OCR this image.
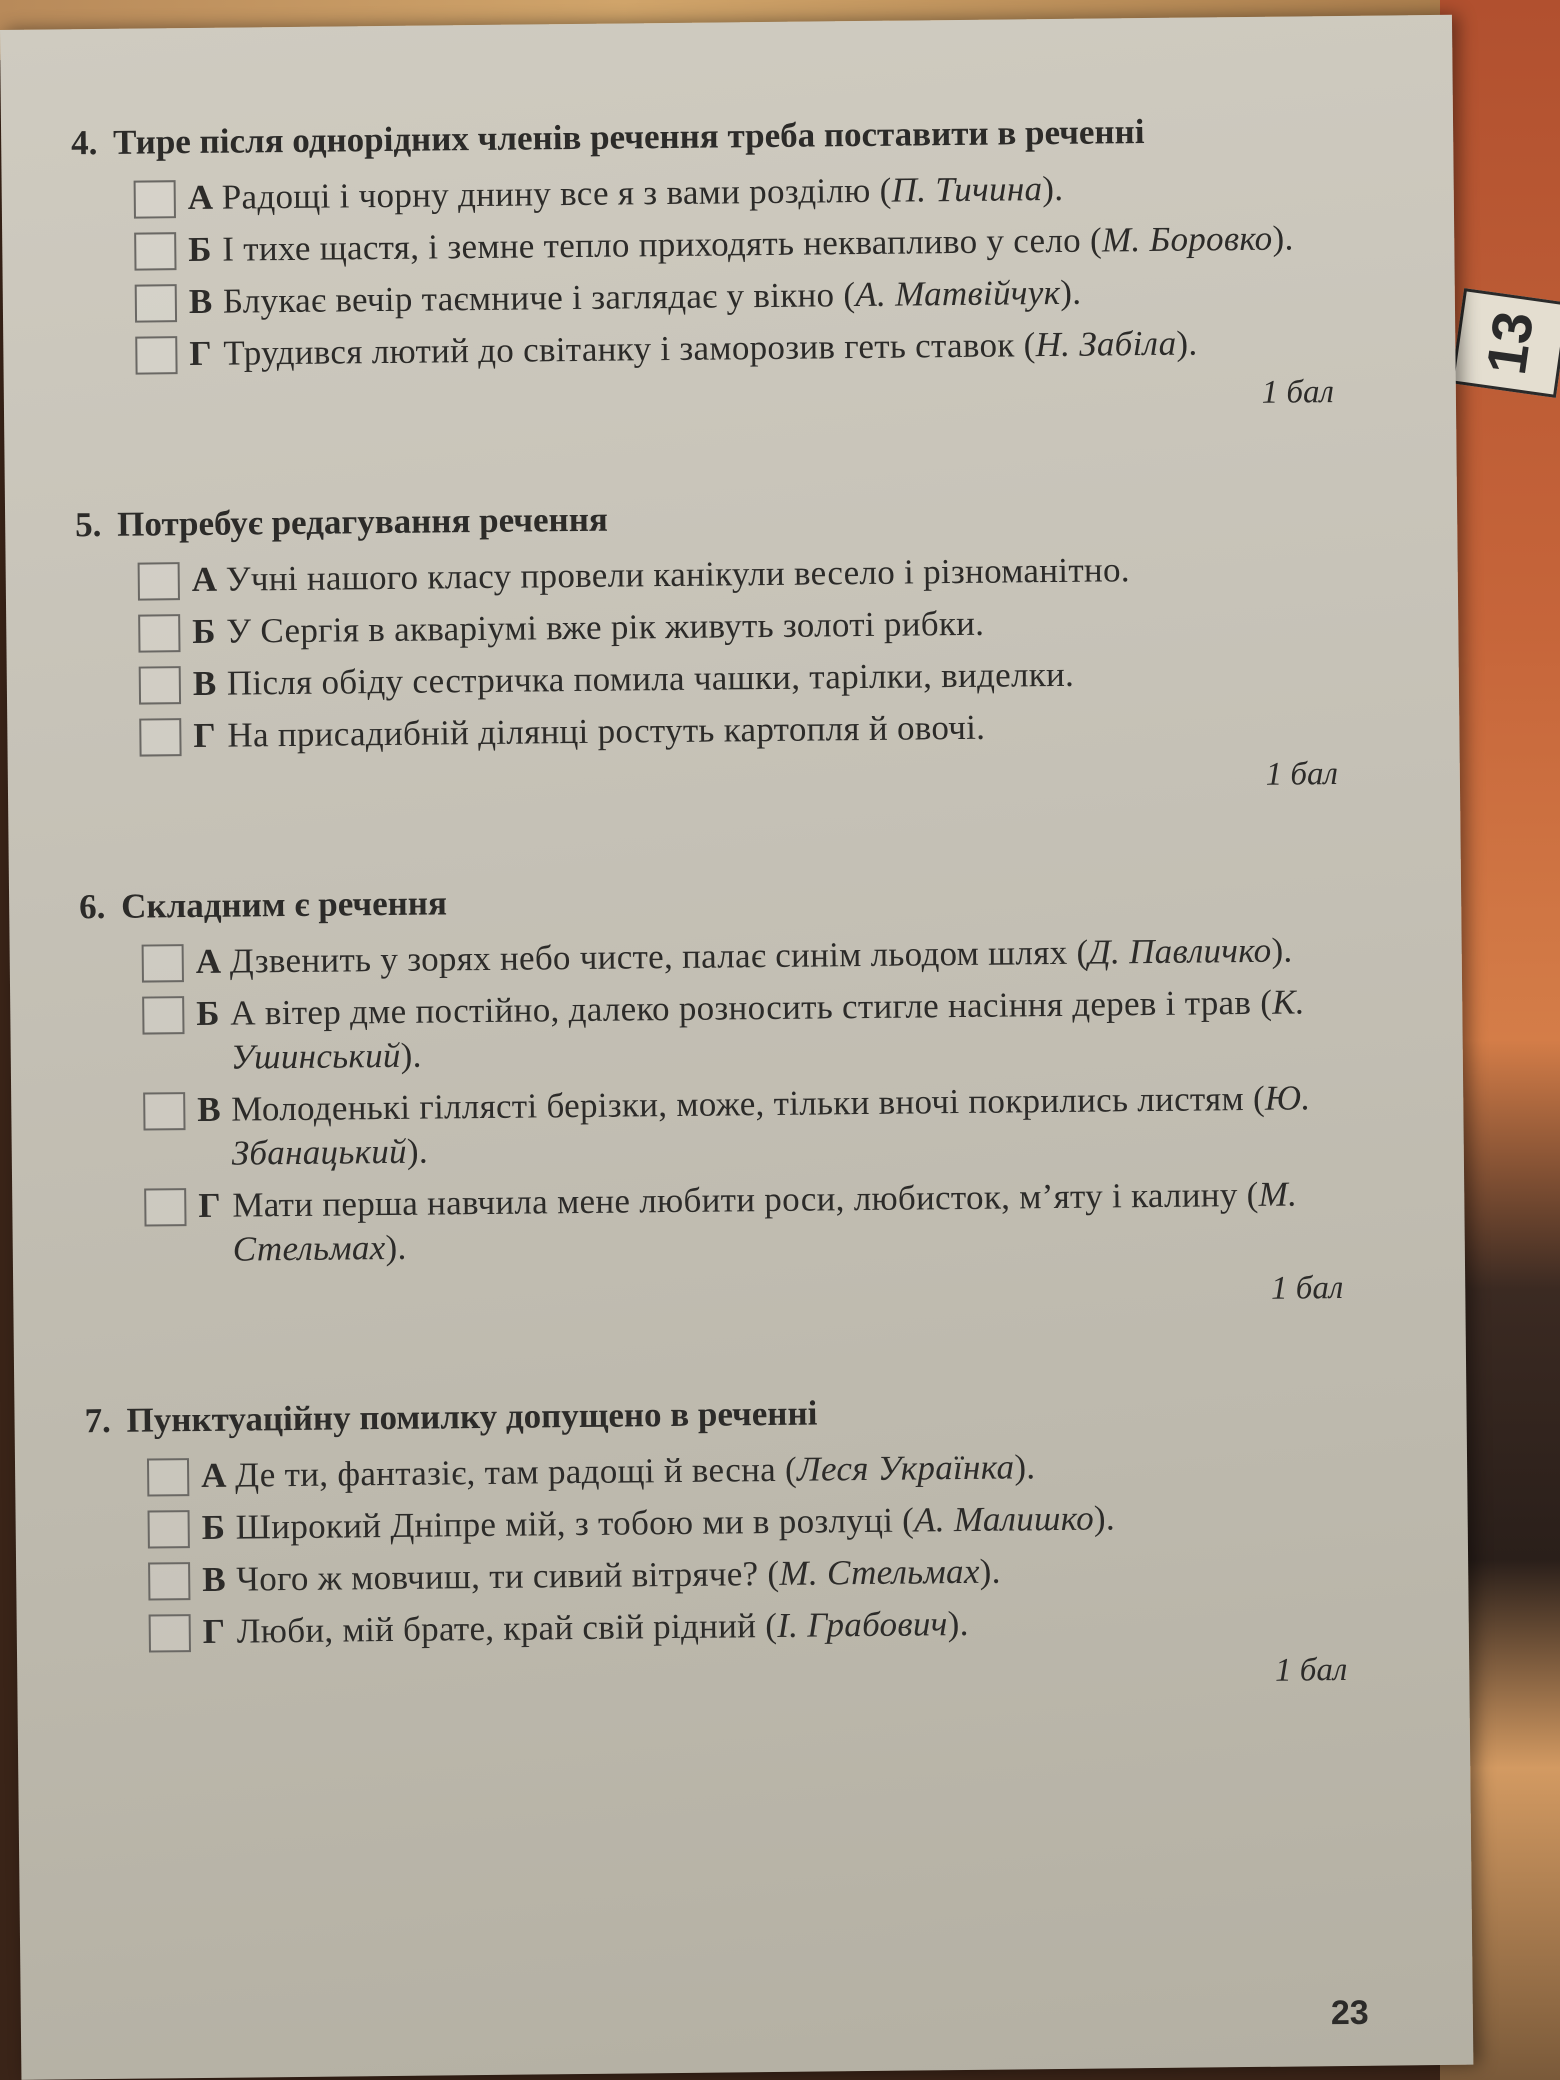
13
4. Тире після однорідних членів речення треба поставити в реченні
А Радощі і чорну днину все я з вами розділю (П. Тичина).
Б І тихе щастя, і земне тепло приходять неквапливо у село (М. Боровко).
В Блукає вечір таємниче і заглядає у вікно (А. Матвійчук).
Г Трудився лютий до світанку і заморозив геть ставок (Н. Забіла).
1 бал
5. Потребує редагування речення
А Учні нашого класу провели канікули весело і різноманітно.
Б У Сергія в акваріумі вже рік живуть золоті рибки.
В Після обіду сестричка помила чашки, тарілки, виделки.
Г На присадибній ділянці ростуть картопля й овочі.
1 бал
6. Складним є речення
А Дзвенить у зорях небо чисте, палає синім льодом шлях (Д. Павличко).
Б А вітер дме постійно, далеко розносить стигле насіння дерев і трав (К. Ушинський).
В Молоденькі гіллясті берізки, може, тільки вночі покрились листям (Ю. Збанацький).
Г Мати перша навчила мене любити роси, любисток, м’яту і калину (М. Стельмах).
1 бал
7. Пунктуаційну помилку допущено в реченні
А Де ти, фантазіє, там радощі й весна (Леся Українка).
Б Широкий Дніпре мій, з тобою ми в розлуці (А. Малишко).
В Чого ж мовчиш, ти сивий вітряче? (М. Стельмах).
Г Люби, мій брате, край свій рідний (І. Грабович).
1 бал
23
